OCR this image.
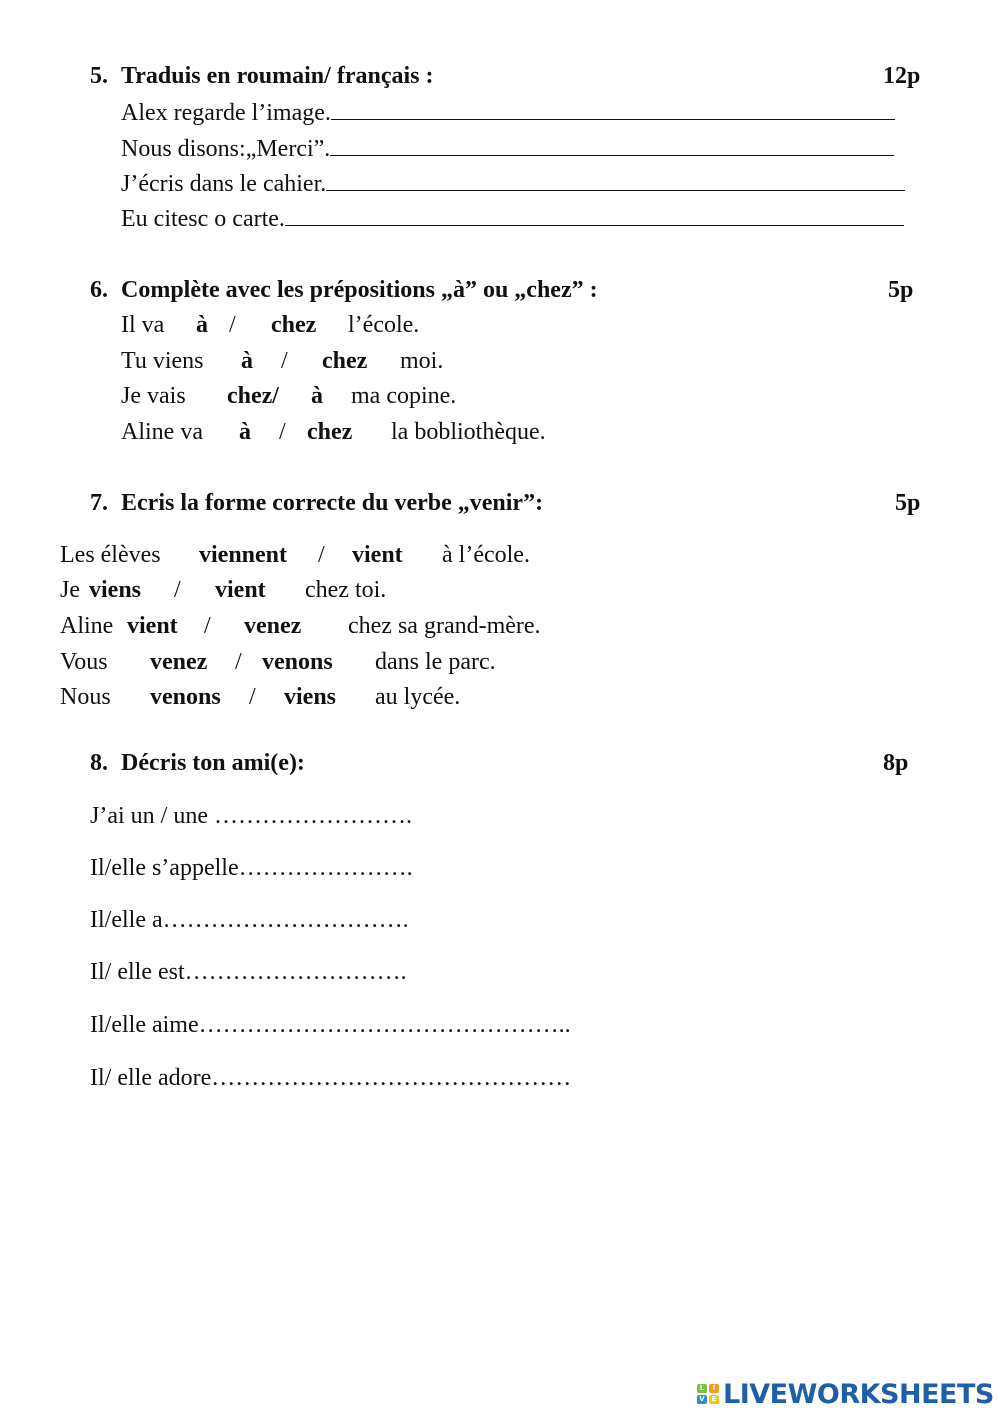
5. Traduis en roumain/ français :	12p
Alex regarde l’image.
Nous disons:„Merci”.
J’écris dans le cahier.
Eu citesc o carte.
6. Complète avec les prépositions „à” ou „chez” :	5p
Il va à / chez l’école.
Tu viens à / chez moi.
Je vais chez/ à ma copine.
Aline va à / chez la bobliothèque.
7. Ecris la forme correcte du verbe „venir”:	5p
Les élèves viennent / vient à l’école.
Je viens / vient chez toi.
Aline vient / venez chez sa grand-mère.
Vous venez / venons dans le parc.
Nous venons / viens au lycée.
8. Décris ton ami(e):	8p
J’ai un / une …………………….
Il/elle s’appelle………………….
Il/elle a………………………….
Il/ elle est……………………….
Il/elle aime………………………………………..
Il/ elle adore………………………………………
L	I
V E LIVEWORKSHEETS
